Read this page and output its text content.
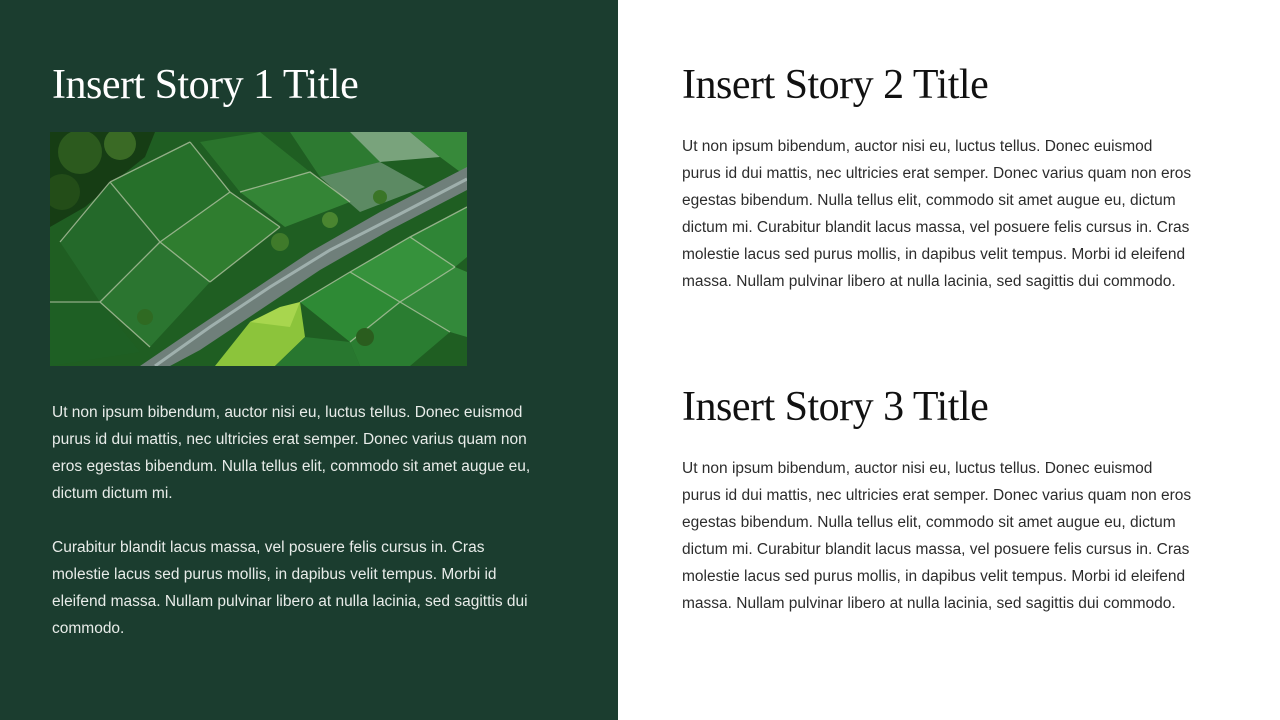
Insert Story 1 Title

Ut non ipsum bibendum, auctor nisi eu, luctus tellus. Donec euismod purus id dui mattis, nec ultricies erat semper. Donec varius quam non eros egestas bibendum. Nulla tellus elit, commodo sit amet augue eu, dictum dictum mi.

Curabitur blandit lacus massa, vel posuere felis cursus in. Cras molestie lacus sed purus mollis, in dapibus velit tempus. Morbi id eleifend massa. Nullam pulvinar libero at nulla lacinia, sed sagittis dui commodo.

Insert Story 2 Title

Ut non ipsum bibendum, auctor nisi eu, luctus tellus. Donec euismod purus id dui mattis, nec ultricies erat semper. Donec varius quam non eros egestas bibendum. Nulla tellus elit, commodo sit amet augue eu, dictum dictum mi. Curabitur blandit lacus massa, vel posuere felis cursus in. Cras molestie lacus sed purus mollis, in dapibus velit tempus. Morbi id eleifend massa. Nullam pulvinar libero at nulla lacinia, sed sagittis dui commodo.

Insert Story 3 Title

Ut non ipsum bibendum, auctor nisi eu, luctus tellus. Donec euismod purus id dui mattis, nec ultricies erat semper. Donec varius quam non eros egestas bibendum. Nulla tellus elit, commodo sit amet augue eu, dictum dictum mi. Curabitur blandit lacus massa, vel posuere felis cursus in. Cras molestie lacus sed purus mollis, in dapibus velit tempus. Morbi id eleifend massa. Nullam pulvinar libero at nulla lacinia, sed sagittis dui commodo.
